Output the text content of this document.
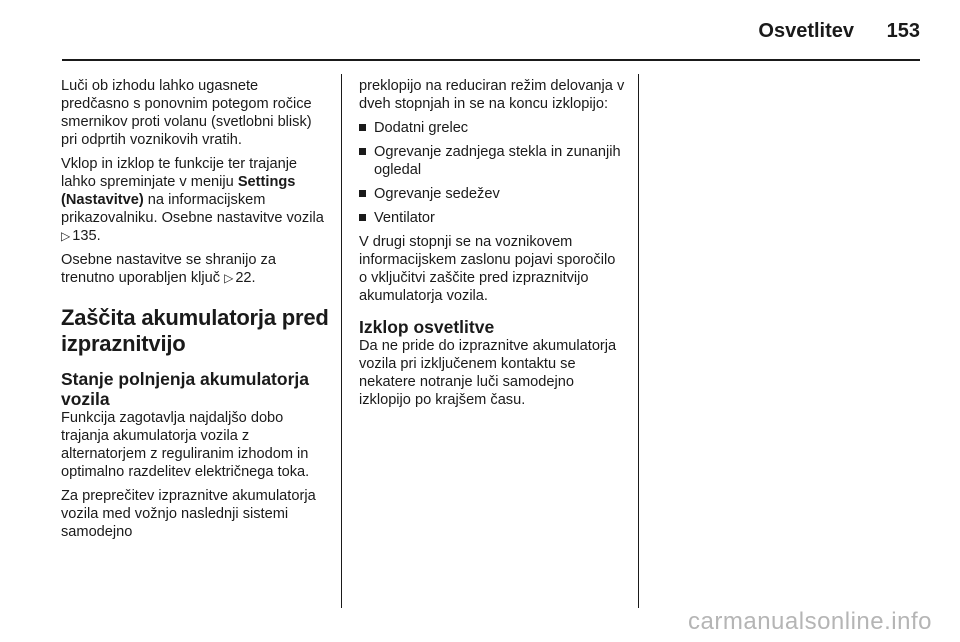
Osvetlitev 153

Luči ob izhodu lahko ugasnete predčasno s ponovnim potegom ročice smernikov proti volanu (svetlobni blisk) pri odprtih voznikovih vratih.

Vklop in izklop te funkcije ter trajanje lahko spreminjate v meniju Settings (Nastavitve) na informacijskem prikazovalniku. Osebne nastavitve vozila ▷ 135.

Osebne nastavitve se shranijo za trenutno uporabljen ključ ▷ 22.

Zaščita akumulatorja pred izpraznitvijo
Stanje polnjenja akumulatorja vozila

Funkcija zagotavlja najdaljšo dobo trajanja akumulatorja vozila z alternatorjem z reguliranim izhodom in optimalno razdelitev električnega toka.

Za preprečitev izpraznitve akumulatorja vozila med vožnjo naslednji sistemi samodejno

preklopijo na reduciran režim delovanja v dveh stopnjah in se na koncu izklopijo:

Dodatni grelec
Ogrevanje zadnjega stekla in zunanjih ogledal
Ogrevanje sedežev
Ventilator

V drugi stopnji se na voznikovem informacijskem zaslonu pojavi sporočilo o vključitvi zaščite pred izpraznitvijo akumulatorja vozila.

Izklop osvetlitve

Da ne pride do izpraznitve akumulatorja vozila pri izključenem kontaktu se nekatere notranje luči samodejno izklopijo po krajšem času.

carmanualsonline.info
